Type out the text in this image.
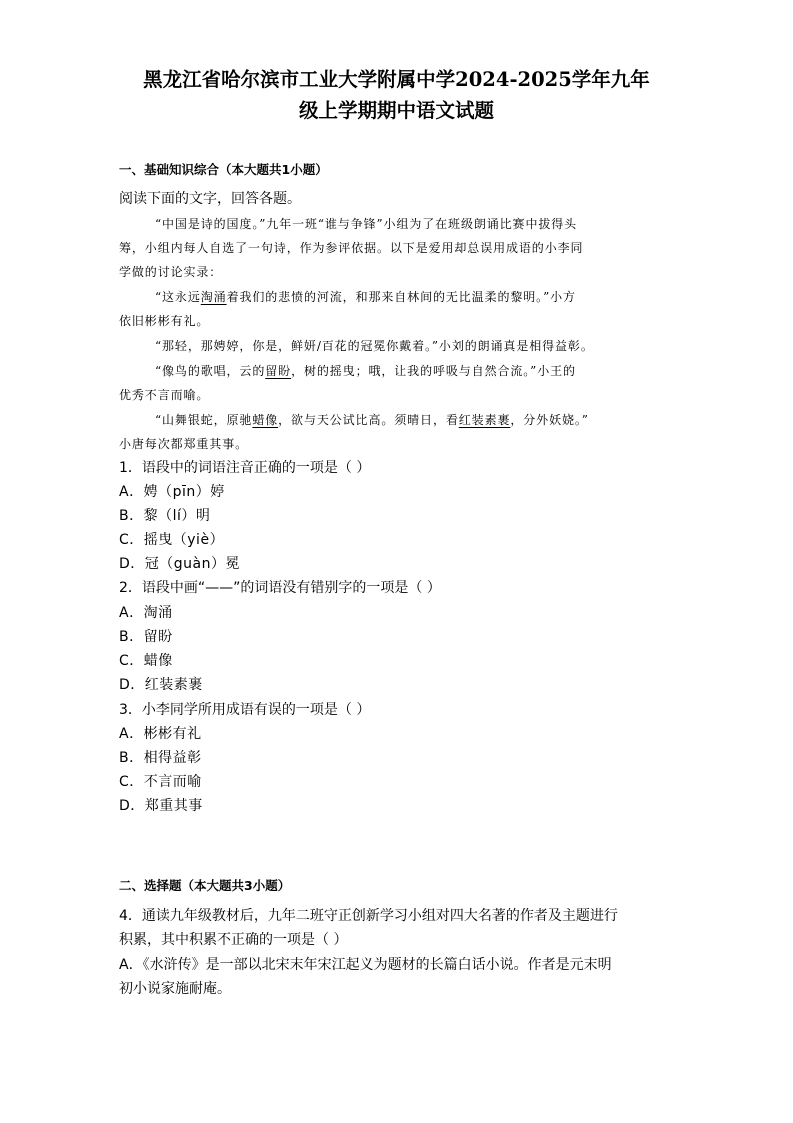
黑龙江省哈尔滨市工业大学附属中学2024-2025学年九年
级上学期期中语文试题
一、基础知识综合（本大题共1小题）
阅读下面的文字，回答各题。
“中国是诗的国度。”九年一班“谁与争锋”小组为了在班级朗诵比赛中拔得头
筹，小组内每人自选了一句诗，作为参评依据。以下是爱用却总误用成语的小李同
学做的讨论实录：
“这永远淘涌着我们的悲愤的河流，和那来自林间的无比温柔的黎明。”小方
依旧彬彬有礼。
“那轻，那娉婷，你是，鲜妍/百花的冠冕你戴着。”小刘的朗诵真是相得益彰。
“像鸟的歌唱，云的留盼，树的摇曳；哦，让我的呼吸与自然合流。”小王的
优秀不言而喻。
“山舞银蛇，原驰蜡像，欲与天公试比高。须晴日，看红装素裹，分外妖娆。”
小唐每次都郑重其事。
1．语段中的词语注音正确的一项是（ ）
A．娉（pīn）婷
B．黎（lí）明
C．摇曳（yiè）
D．冠（guàn）冕
2．语段中画“——”的词语没有错别字的一项是（ ）
A．淘涌
B．留盼
C．蜡像
D．红装素裹
3．小李同学所用成语有误的一项是（ ）
A．彬彬有礼
B．相得益彰
C．不言而喻
D．郑重其事
二、选择题（本大题共3小题）
4．通读九年级教材后，九年二班守正创新学习小组对四大名著的作者及主题进行
积累，其中积累不正确的一项是（ ）
A．《水浒传》是一部以北宋末年宋江起义为题材的长篇白话小说。作者是元末明
初小说家施耐庵。
